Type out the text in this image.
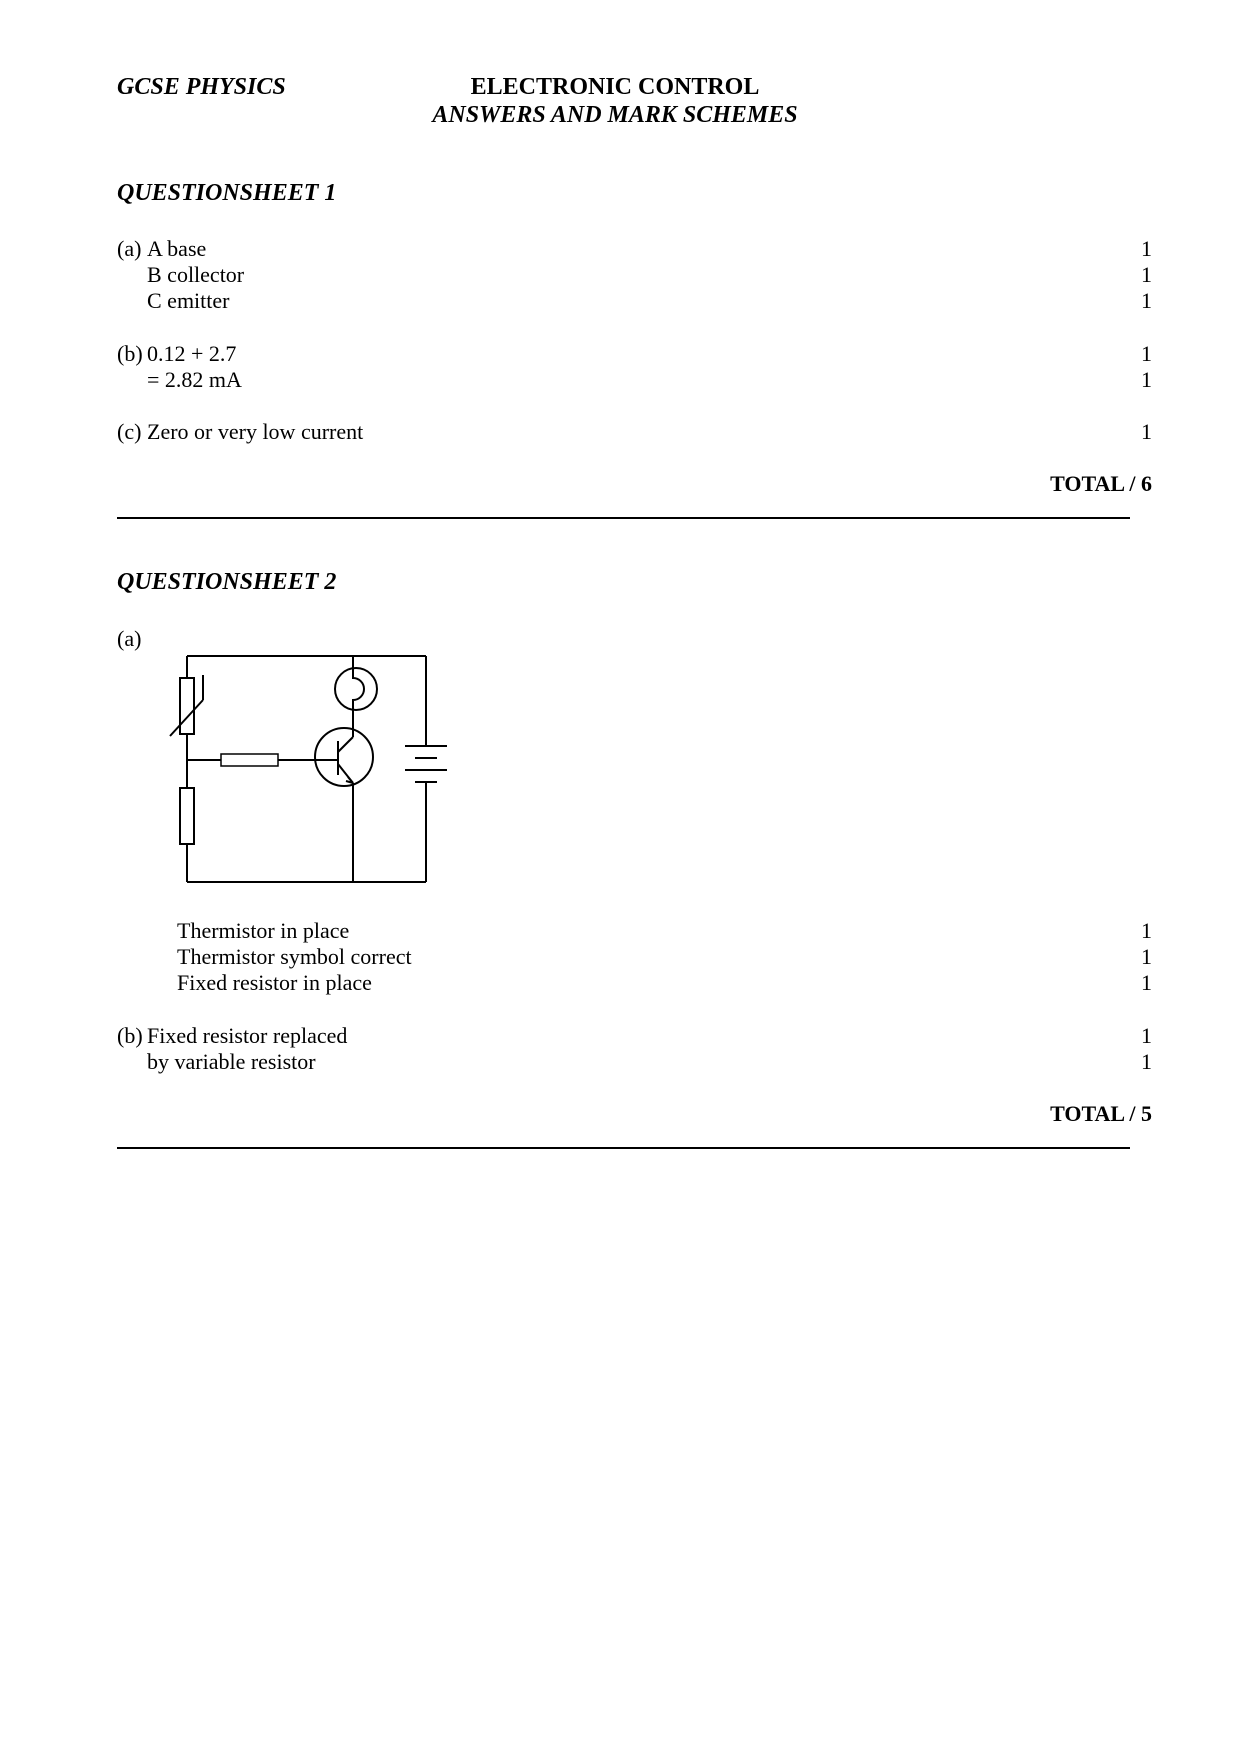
GCSE PHYSICS	ELECTRONIC CONTROL
ANSWERS AND MARK SCHEMES
QUESTIONSHEET 1
(a) A base
B collector
C emitter
1
1
1
(b) 0.12 + 2.7
= 2.82 mA
1
1
(c) Zero or very low current	1
TOTAL / 6
QUESTIONSHEET 2
(a)
Thermistor in place
Thermistor symbol correct
Fixed resistor in place
1
1
1
(b) Fixed resistor replaced
by variable resistor
1
1
TOTAL / 5
